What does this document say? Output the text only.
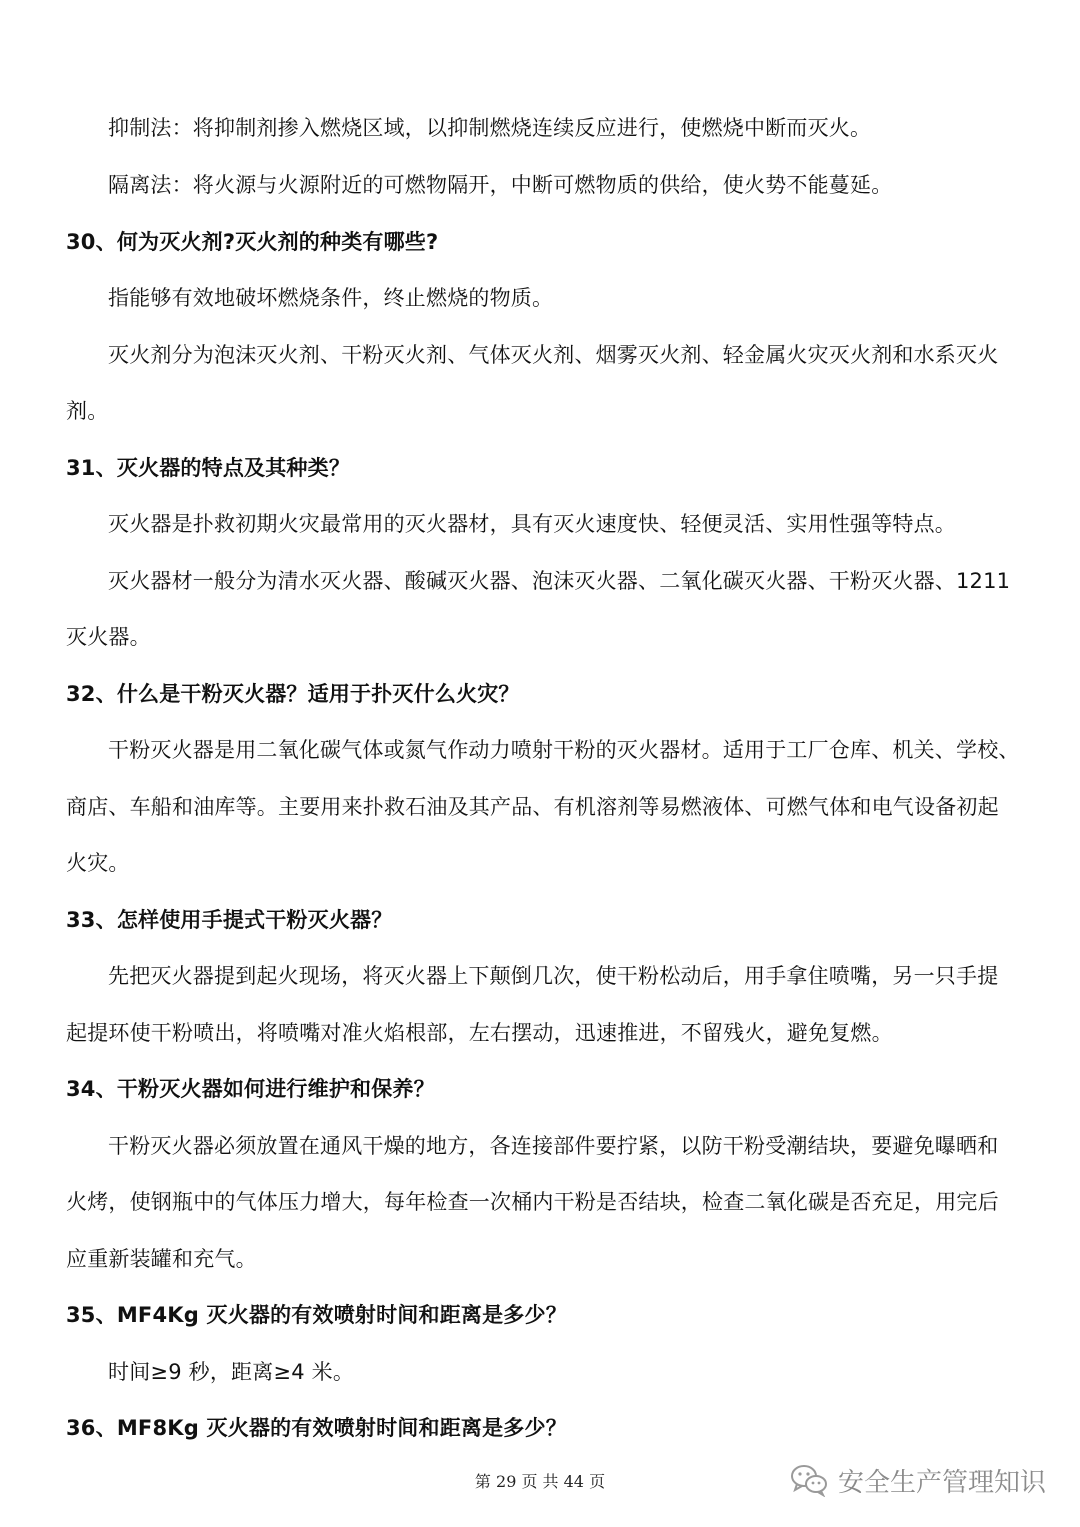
抑制法：将抑制剂掺入燃烧区域，以抑制燃烧连续反应进行，使燃烧中断而灭火。
隔离法：将火源与火源附近的可燃物隔开，中断可燃物质的供给，使火势不能蔓延。
30、何为灭火剂?灭火剂的种类有哪些?
指能够有效地破坏燃烧条件，终止燃烧的物质。
灭火剂分为泡沫灭火剂、干粉灭火剂、气体灭火剂、烟雾灭火剂、轻金属火灾灭火剂和水系灭火
剂。
31、灭火器的特点及其种类？
灭火器是扑救初期火灾最常用的灭火器材，具有灭火速度快、轻便灵活、实用性强等特点。
灭火器材一般分为清水灭火器、酸碱灭火器、泡沫灭火器、二氧化碳灭火器、干粉灭火器、1211
灭火器。
32、什么是干粉灭火器？适用于扑灭什么火灾？
干粉灭火器是用二氧化碳气体或氮气作动力喷射干粉的灭火器材。适用于工厂仓库、机关、学校、
商店、车船和油库等。主要用来扑救石油及其产品、有机溶剂等易燃液体、可燃气体和电气设备初起
火灾。
33、怎样使用手提式干粉灭火器？
先把灭火器提到起火现场，将灭火器上下颠倒几次，使干粉松动后，用手拿住喷嘴，另一只手提
起提环使干粉喷出，将喷嘴对准火焰根部，左右摆动，迅速推进，不留残火，避免复燃。
34、干粉灭火器如何进行维护和保养？
干粉灭火器必须放置在通风干燥的地方，各连接部件要拧紧，以防干粉受潮结块，要避免曝晒和
火烤，使钢瓶中的气体压力增大，每年检查一次桶内干粉是否结块，检查二氧化碳是否充足，用完后
应重新装罐和充气。
35、MF4Kg 灭火器的有效喷射时间和距离是多少？
时间≥9 秒，距离≥4 米。
36、MF8Kg 灭火器的有效喷射时间和距离是多少？
第 29 页 共 44 页	安全生产管理知识
